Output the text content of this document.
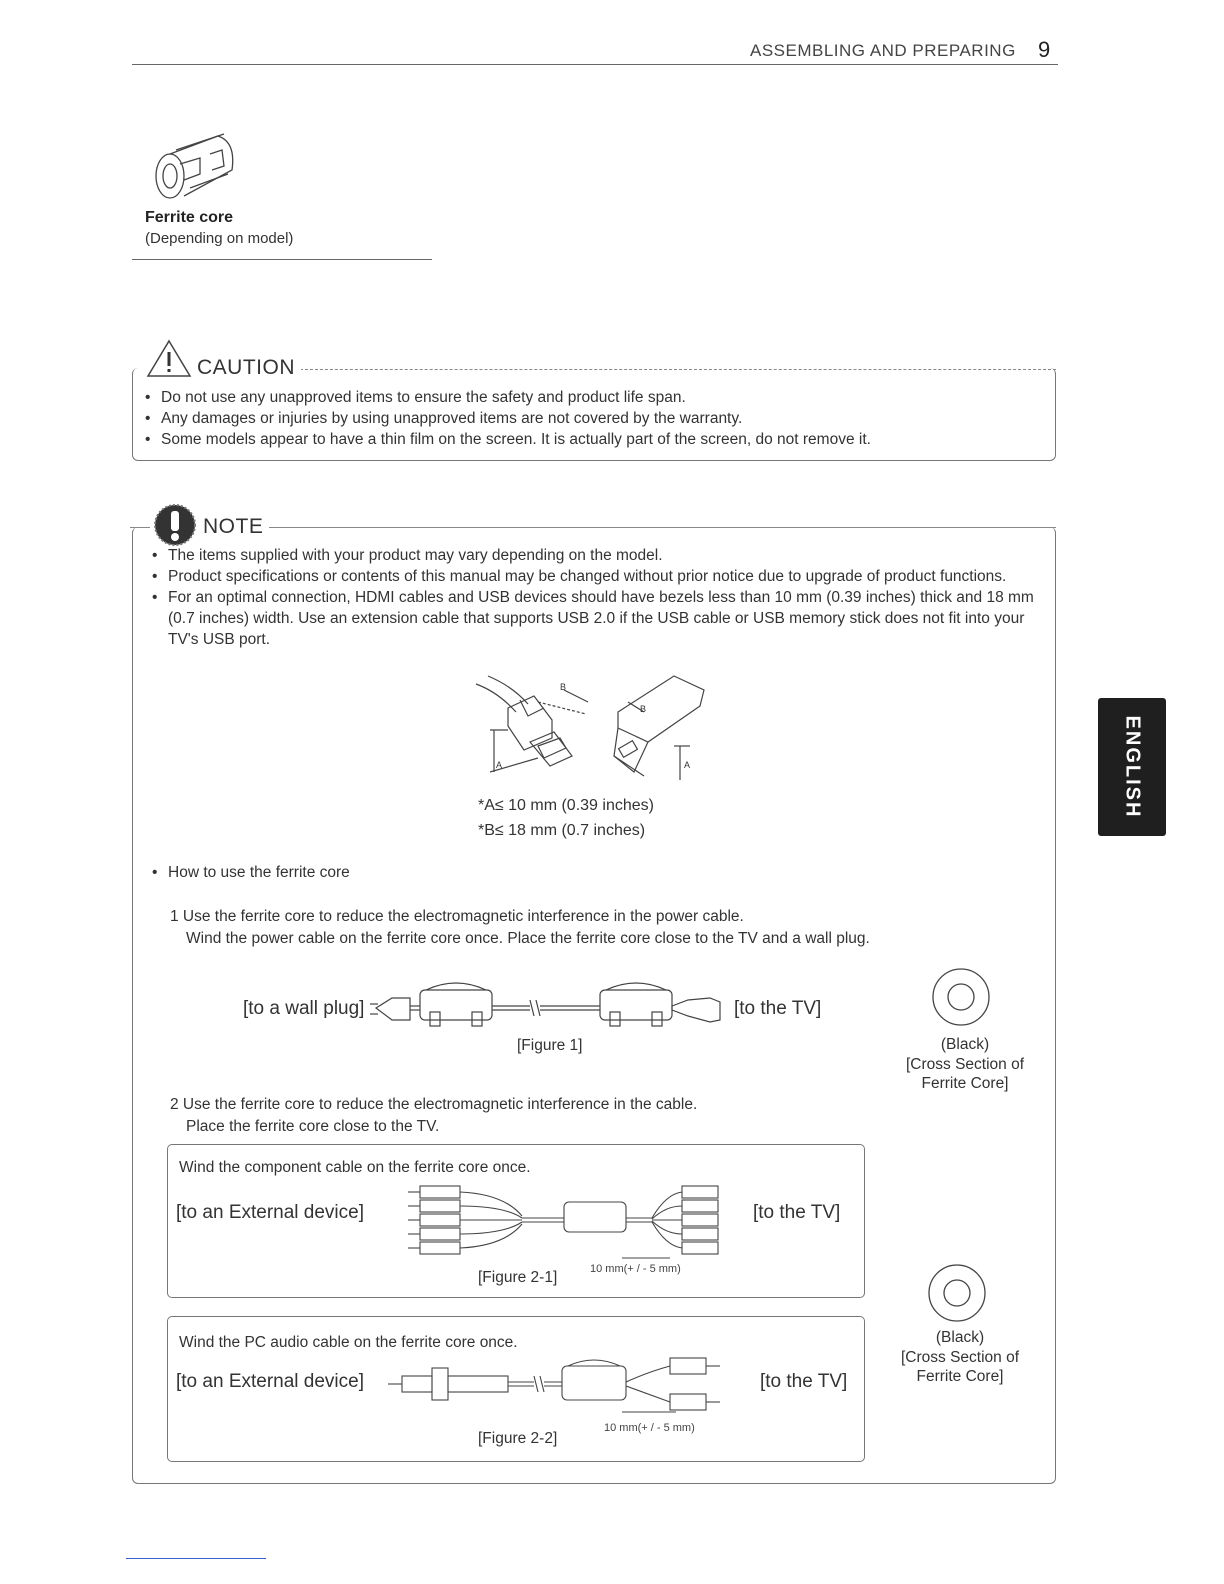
ASSEMBLING AND PREPARING 9
Ferrite core
(Depending on model)
CAUTION
• Do not use any unapproved items to ensure the safety and product life span.
• Any damages or injuries by using unapproved items are not covered by the warranty.
• Some models appear to have a thin film on the screen. It is actually part of the screen, do not remove it.
NOTE
• The items supplied with your product may vary depending on the model.
• Product specifications or contents of this manual may be changed without prior notice due to upgrade of product functions.
• For an optimal connection, HDMI cables and USB devices should have bezels less than 10 mm (0.39 inches) thick and 18 mm (0.7 inches) width. Use an extension cable that supports USB 2.0 if the USB cable or USB memory stick does not fit into your TV's USB port.
A
B
B
A
*A≤ 10 mm (0.39 inches)
*B≤ 18 mm (0.7 inches)
• How to use the ferrite core
1 Use the ferrite core to reduce the electromagnetic interference in the power cable.
Wind the power cable on the ferrite core once. Place the ferrite core close to the TV and a wall plug.
[to a wall plug]	[to the TV]
[Figure 1]	(Black)
[Cross Section of
Ferrite Core]
2 Use the ferrite core to reduce the electromagnetic interference in the cable.
Place the ferrite core close to the TV.
Wind the component cable on the ferrite core once.
[to an External device]	[to the TV]
[Figure 2-1]	10 mm(+ / - 5 mm)
(Black)
[Cross Section of
Ferrite Core]
Wind the PC audio cable on the ferrite core once.
[to an External device]	[to the TV]
[Figure 2-2]
10 mm(+ / - 5 mm)
ENGLISH
